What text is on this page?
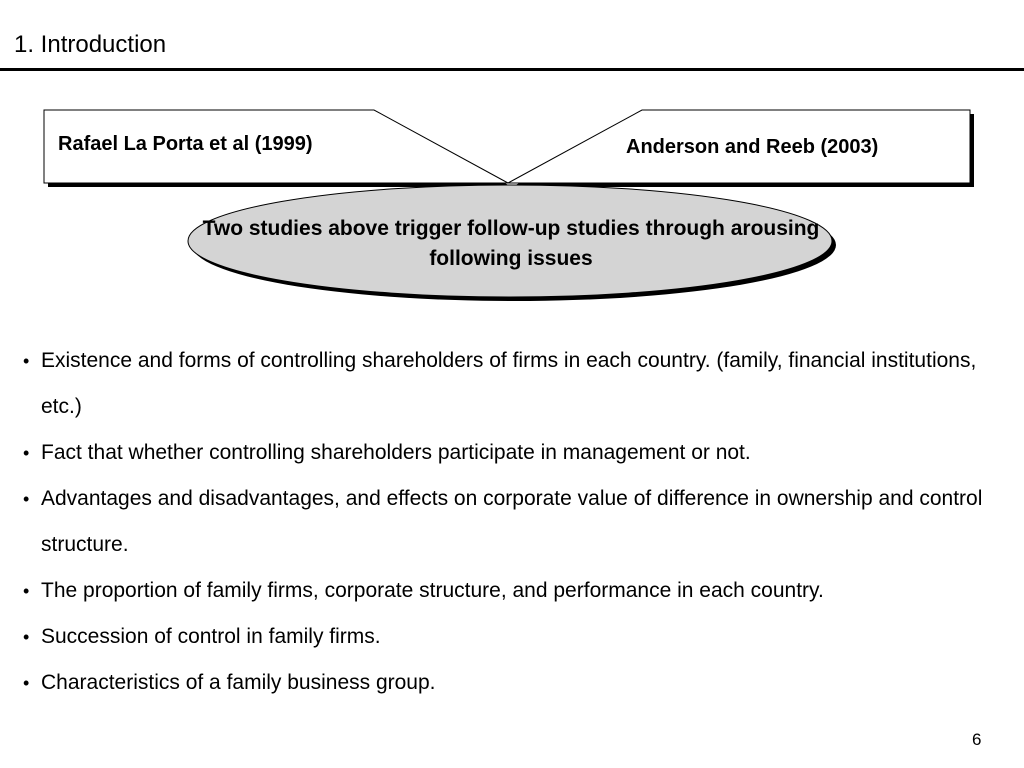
1. Introduction
Rafael La Porta et al (1999)	Anderson and Reeb (2003)
Two studies above trigger follow-up studies through arousing following issues
• Existence and forms of controlling shareholders of firms in each country. (family, financial institutions, etc.)
• Fact that whether controlling shareholders participate in management or not.
• Advantages and disadvantages, and effects on corporate value of difference in ownership and control structure.
• The proportion of family firms, corporate structure, and performance in each country.
• Succession of control in family firms.
• Characteristics of a family business group.
6
